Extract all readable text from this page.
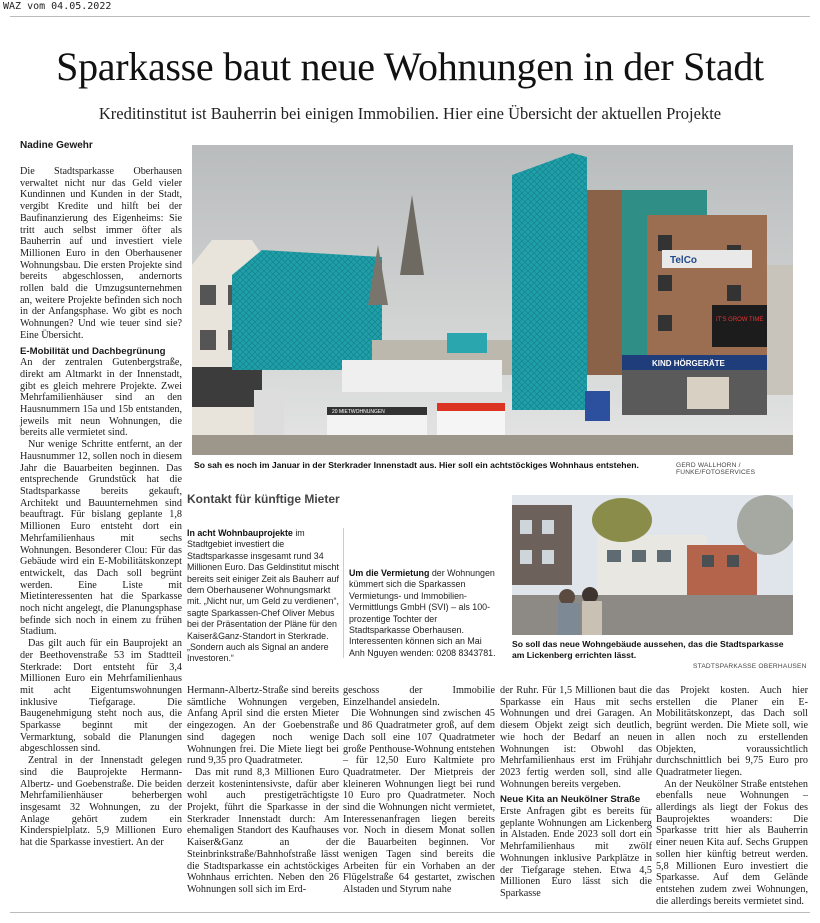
WAZ vom 04.05.2022
Sparkasse baut neue Wohnungen in der Stadt
Kreditinstitut ist Bauherrin bei einigen Immobilien. Hier eine Übersicht der aktuellen Projekte
Nadine Gewehr

Die Stadtsparkasse Oberhausen verwaltet nicht nur das Geld vieler Kundinnen und Kunden in der Stadt, vergibt Kredite und hilft bei der Baufinanzierung des Eigenheims: Sie tritt auch selbst immer öfter als Bauherrin auf und investiert viele Millionen Euro in den Oberhausener Wohnungsbau. Die ersten Projekte sind bereits abgeschlossen, andernorts rollen bald die Umzugsunternehmen an, weitere Projekte befinden sich noch in der Anfangsphase. Wo gibt es noch Wohnungen? Und wie teuer sind sie? Eine Übersicht.

E-Mobilität und Dachbegrünung

An der zentralen Gutenbergstraße, direkt am Altmarkt in der Innenstadt, gibt es gleich mehrere Projekte. Zwei Mehrfamilienhäuser sind an den Hausnummern 15a und 15b entstanden, jeweils mit neun Wohnungen, die bereits alle vermietet sind.

Nur wenige Schritte entfernt, an der Hausnummer 12, sollen noch in diesem Jahr die Bauarbeiten beginnen. Das entsprechende Grundstück hat die Stadtsparkasse bereits gekauft, Architekt und Bauunternehmen sind beauftragt. Für bislang geplante 1,8 Millionen Euro entsteht dort ein Mehrfamilienhaus mit sechs Wohnungen. Besonderer Clou: Für das Gebäude wird ein E-Mobilitätskonzept entwickelt, das Dach soll begrünt werden. Eine Liste mit Mietinteressenten hat die Sparkasse noch nicht angelegt, die Planungsphase befinde sich noch in einem zu frühen Stadium.

Das gilt auch für ein Bauprojekt an der Beethovenstraße 53 im Stadtteil Sterkrade: Dort entsteht für 3,4 Millionen Euro ein Mehrfamilienhaus mit acht Eigentumswohnungen inklusive Tiefgarage. Die Baugenehmigung steht noch aus, die Sparkasse beginnt mit der Vermarktung, sobald die Planungen abgeschlossen sind.

Zentral in der Innenstadt gelegen sind die Bauprojekte Hermann-Albertz- und Goebenstraße. Die beiden Mehrfamilienhäuser beherbergen insgesamt 32 Wohnungen, zu der Anlage gehört zudem ein Kinderspielplatz. 5,9 Millionen Euro hat die Sparkasse investiert. An der

TelCo
IT'S GROW TIME
KIND HÖRGERÄTE
20 MIETWOHNUNGEN
So sah es noch im Januar in der Sterkrader Innenstadt aus. Hier soll ein achtstöckiges Wohnhaus entstehen.	GERD WALLHORN / FUNKE/FOTOSERVICES
Kontakt für künftige Mieter
In acht Wohnbauprojekte im Stadtgebiet investiert die Stadtsparkasse insgesamt rund 34 Millionen Euro. Das Geldinstitut mischt bereits seit einiger Zeit als Bauherr auf dem Oberhausener Wohnungsmarkt mit. „Nicht nur, um Geld zu verdienen“, sagte Sparkassen-Chef Oliver Mebus bei der Präsentation der Pläne für den Kaiser&Ganz-Standort in Sterkrade. „Sondern auch als Signal an andere Investoren.“
Um die Vermietung der Wohnungen kümmert sich die Sparkassen Vermietungs- und Immobilien-Vermittlungs GmbH (SVI) – als 100-prozentige Tochter der Stadtsparkasse Oberhausen. Interessenten können sich an Mai Anh Nguyen wenden: 0208 8343781.
So soll das neue Wohngebäude aussehen, das die Stadtsparkasse am Lickenberg errichten lässt.
STADTSPARKASSE OBERHAUSEN

Hermann-Albertz-Straße sind bereits sämtliche Wohnungen vergeben, Anfang April sind die ersten Mieter eingezogen. An der Goebenstraße sind dagegen noch wenige Wohnungen frei. Die Miete liegt bei rund 9,35 pro Quadratmeter.

Das mit rund 8,3 Millionen Euro derzeit kostenintensivste, dafür aber wohl auch prestigeträchtigste Projekt, führt die Sparkasse in der Sterkrader Innenstadt durch: Am ehemaligen Standort des Kaufhauses Kaiser&Ganz an der Steinbrinkstraße/Bahnhofstraße lässt die Stadtsparkasse ein achtstöckiges Wohnhaus errichten. Neben den 26 Wohnungen soll sich im Erd-

geschoss der Immobilie Einzelhandel ansiedeln.

Die Wohnungen sind zwischen 45 und 86 Quadratmeter groß, auf dem Dach soll eine 107 Quadratmeter große Penthouse-Wohnung entstehen – für 12,50 Euro Kaltmiete pro Quadratmeter. Der Mietpreis der kleineren Wohnungen liegt bei rund 10 Euro pro Quadratmeter. Noch sind die Wohnungen nicht vermietet, Interessenanfragen liegen bereits vor. Noch in diesem Monat sollen die Bauarbeiten beginnen. Vor wenigen Tagen sind bereits die Arbeiten für ein Vorhaben an der Flügelstraße 64 gestartet, zwischen Alstaden und Styrum nahe

der Ruhr. Für 1,5 Millionen baut die Sparkasse ein Haus mit sechs Wohnungen und drei Garagen. An diesem Objekt zeigt sich deutlich, wie hoch der Bedarf an neuen Wohnungen ist: Obwohl das Mehrfamilienhaus erst im Frühjahr 2023 fertig werden soll, sind alle Wohnungen bereits vergeben.

Neue Kita an Neukölner Straße

Erste Anfragen gibt es bereits für geplante Wohnungen am Lickenberg in Alstaden. Ende 2023 soll dort ein Mehrfamilienhaus mit zwölf Wohnungen inklusive Parkplätze in der Tiefgarage stehen. Etwa 4,5 Millionen Euro lässt sich die Sparkasse

das Projekt kosten. Auch hier erstellen die Planer ein E-Mobilitätskonzept, das Dach soll begrünt werden. Die Miete soll, wie in allen noch zu erstellenden Objekten, voraussichtlich durchschnittlich bei 9,75 Euro pro Quadratmeter liegen.

An der Neukölner Straße entstehen ebenfalls neue Wohnungen – allerdings als liegt der Fokus des Bauprojektes woanders: Die Sparkasse tritt hier als Bauherrin einer neuen Kita auf. Sechs Gruppen sollen hier künftig betreut werden. 5,8 Millionen Euro investiert die Sparkasse. Auf dem Gelände entstehen zudem zwei Wohnungen, die allerdings bereits vermietet sind.
